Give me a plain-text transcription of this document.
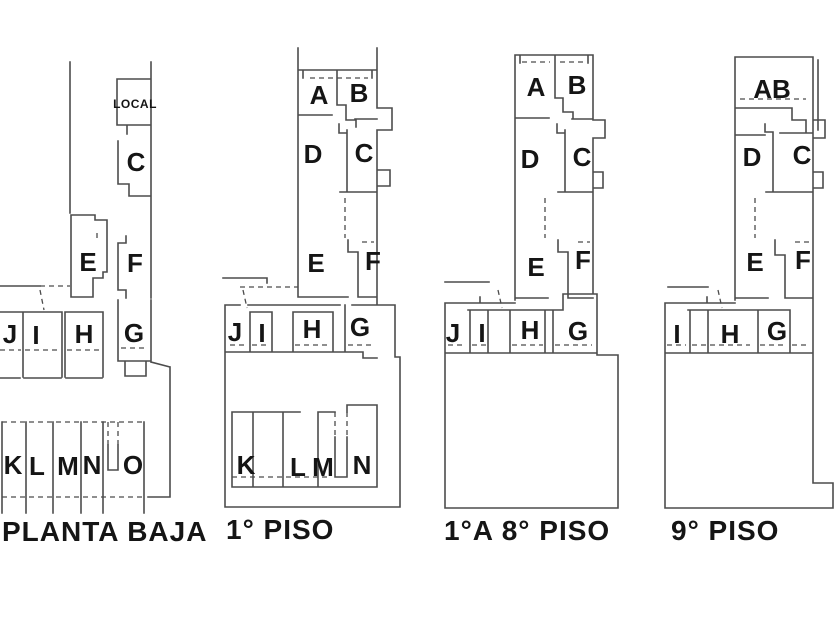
LOCAL
C
E F
J I H G
K L M N O
PLANTA BAJA
A B
D C
E F
J I H G
K L M N
1° PISO
A B
D C
E F
J I H G
1°A 8° PISO
AB
D C
E F
I H G
9° PISO
